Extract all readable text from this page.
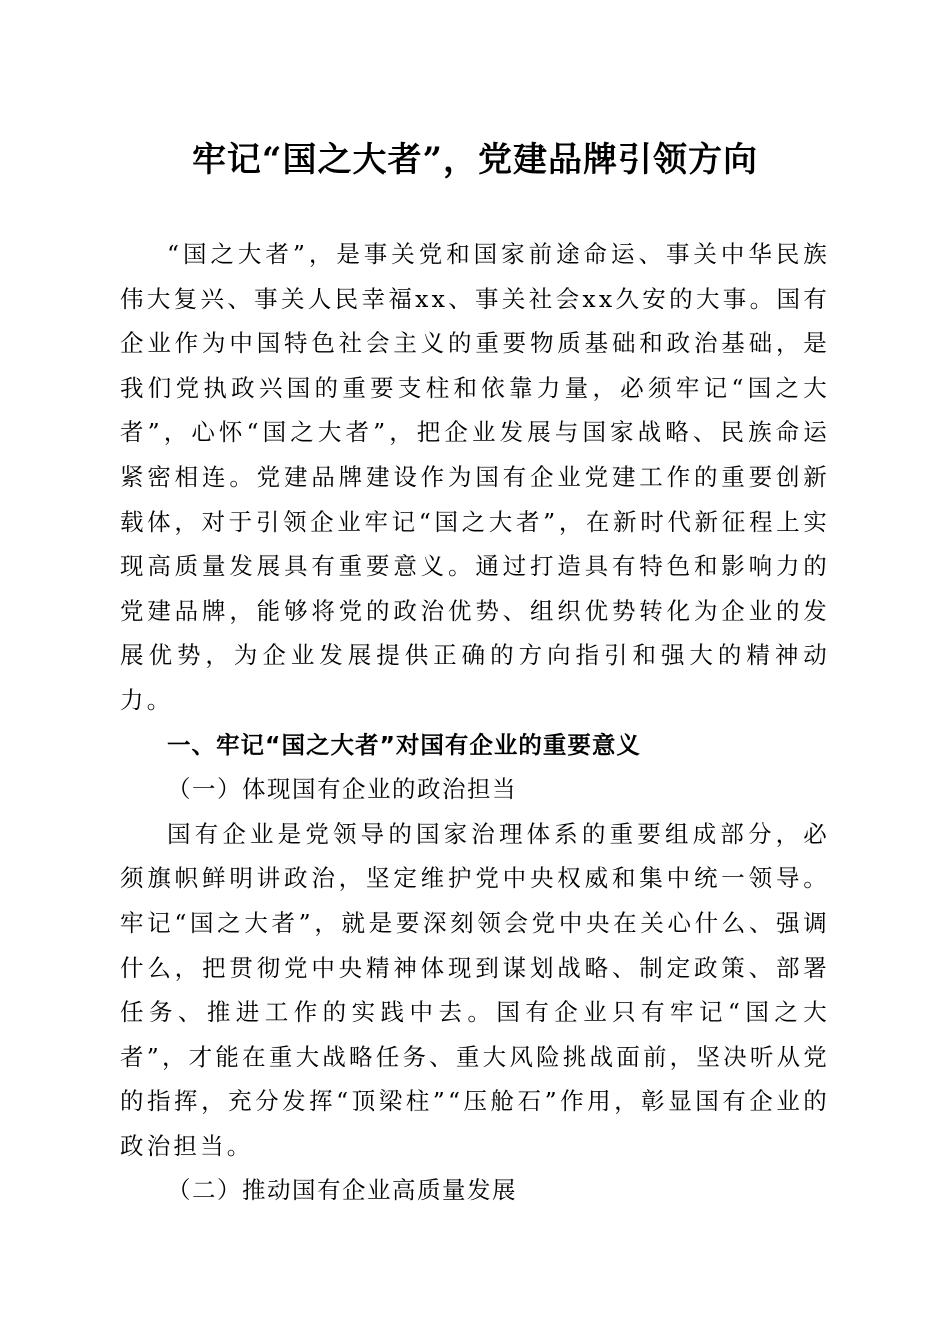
牢记“国之大者”，党建品牌引领方向

“国之大者”，是事关党和国家前途命运、事关中华民族伟大复兴、事关人民幸福xx、事关社会xx久安的大事。国有企业作为中国特色社会主义的重要物质基础和政治基础，是我们党执政兴国的重要支柱和依靠力量，必须牢记“国之大者”，心怀“国之大者”，把企业发展与国家战略、民族命运紧密相连。党建品牌建设作为国有企业党建工作的重要创新载体，对于引领企业牢记“国之大者”，在新时代新征程上实现高质量发展具有重要意义。通过打造具有特色和影响力的党建品牌，能够将党的政治优势、组织优势转化为企业的发展优势，为企业发展提供正确的方向指引和强大的精神动力。

一、牢记“国之大者”对国有企业的重要意义

（一）体现国有企业的政治担当

国有企业是党领导的国家治理体系的重要组成部分，必须旗帜鲜明讲政治，坚定维护党中央权威和集中统一领导。牢记“国之大者”，就是要深刻领会党中央在关心什么、强调什么，把贯彻党中央精神体现到谋划战略、制定政策、部署任务、推进工作的实践中去。国有企业只有牢记“国之大者”，才能在重大战略任务、重大风险挑战面前，坚决听从党的指挥，充分发挥“顶梁柱”“压舱石”作用，彰显国有企业的政治担当。

（二）推动国有企业高质量发展
